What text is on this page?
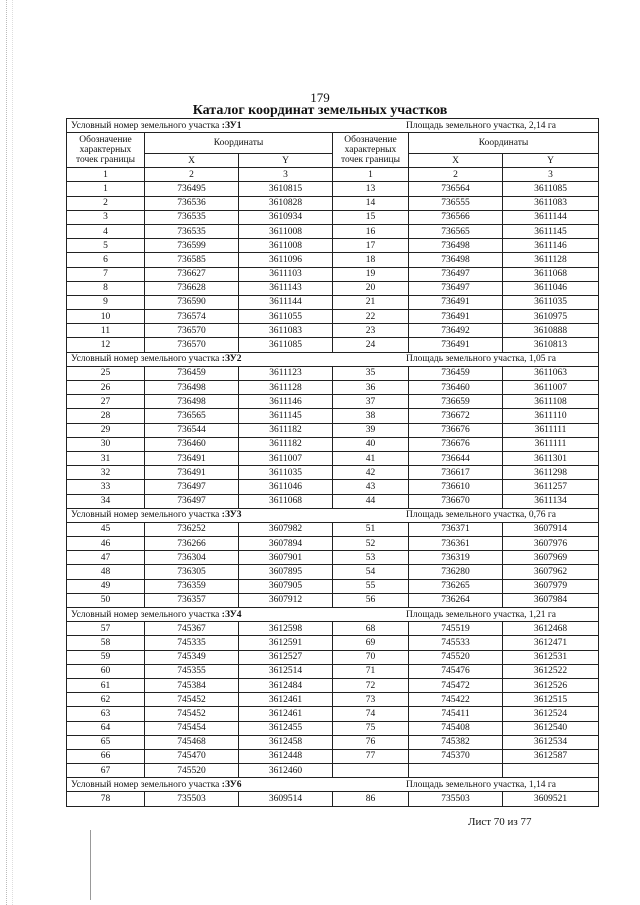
179
Каталог координат земельных участков
Условный номер земельного участка :ЗУ1 Площадь земельного участка, 2,14 га					

Обозначение характерных точек границы	Координаты		Обозначение характерных точек границы	Координаты	
	X	Y		X	Y
1	2	3	1	2	3
1	736495	3610815	13	736564	3611085
2	736536	3610828	14	736555	3611083
3	736535	3610934	15	736566	3611144
4	736535	3611008	16	736565	3611145
5	736599	3611008	17	736498	3611146
6	736585	3611096	18	736498	3611128
7	736627	3611103	19	736497	3611068
8	736628	3611143	20	736497	3611046
9	736590	3611144	21	736491	3611035
10	736574	3611055	22	736491	3610975
11	736570	3611083	23	736492	3610888
12	736570	3611085	24	736491	3610813

Условный номер земельного участка :ЗУ2 Площадь земельного участка, 1,05 га					

25	736459	3611123	35	736459	3611063
26	736498	3611128	36	736460	3611007
27	736498	3611146	37	736659	3611108
28	736565	3611145	38	736672	3611110
29	736544	3611182	39	736676	3611111
30	736460	3611182	40	736676	3611111
31	736491	3611007	41	736644	3611301
32	736491	3611035	42	736617	3611298
33	736497	3611046	43	736610	3611257
34	736497	3611068	44	736670	3611134

Условный номер земельного участка :ЗУ3 Площадь земельного участка, 0,76 га					

45	736252	3607982	51	736371	3607914
46	736266	3607894	52	736361	3607976
47	736304	3607901	53	736319	3607969
48	736305	3607895	54	736280	3607962
49	736359	3607905	55	736265	3607979
50	736357	3607912	56	736264	3607984

Условный номер земельного участка :ЗУ4 Площадь земельного участка, 1,21 га					

57	745367	3612598	68	745519	3612468
58	745335	3612591	69	745533	3612471
59	745349	3612527	70	745520	3612531
60	745355	3612514	71	745476	3612522
61	745384	3612484	72	745472	3612526
62	745452	3612461	73	745422	3612515
63	745452	3612461	74	745411	3612524
64	745454	3612455	75	745408	3612540
65	745468	3612458	76	745382	3612534
66	745470	3612448	77	745370	3612587
67	745520	3612460			

Условный номер земельного участка :ЗУ6 Площадь земельного участка, 1,14 га					

78	735503	3609514	86	735503	3609521
Лист 70 из 77
